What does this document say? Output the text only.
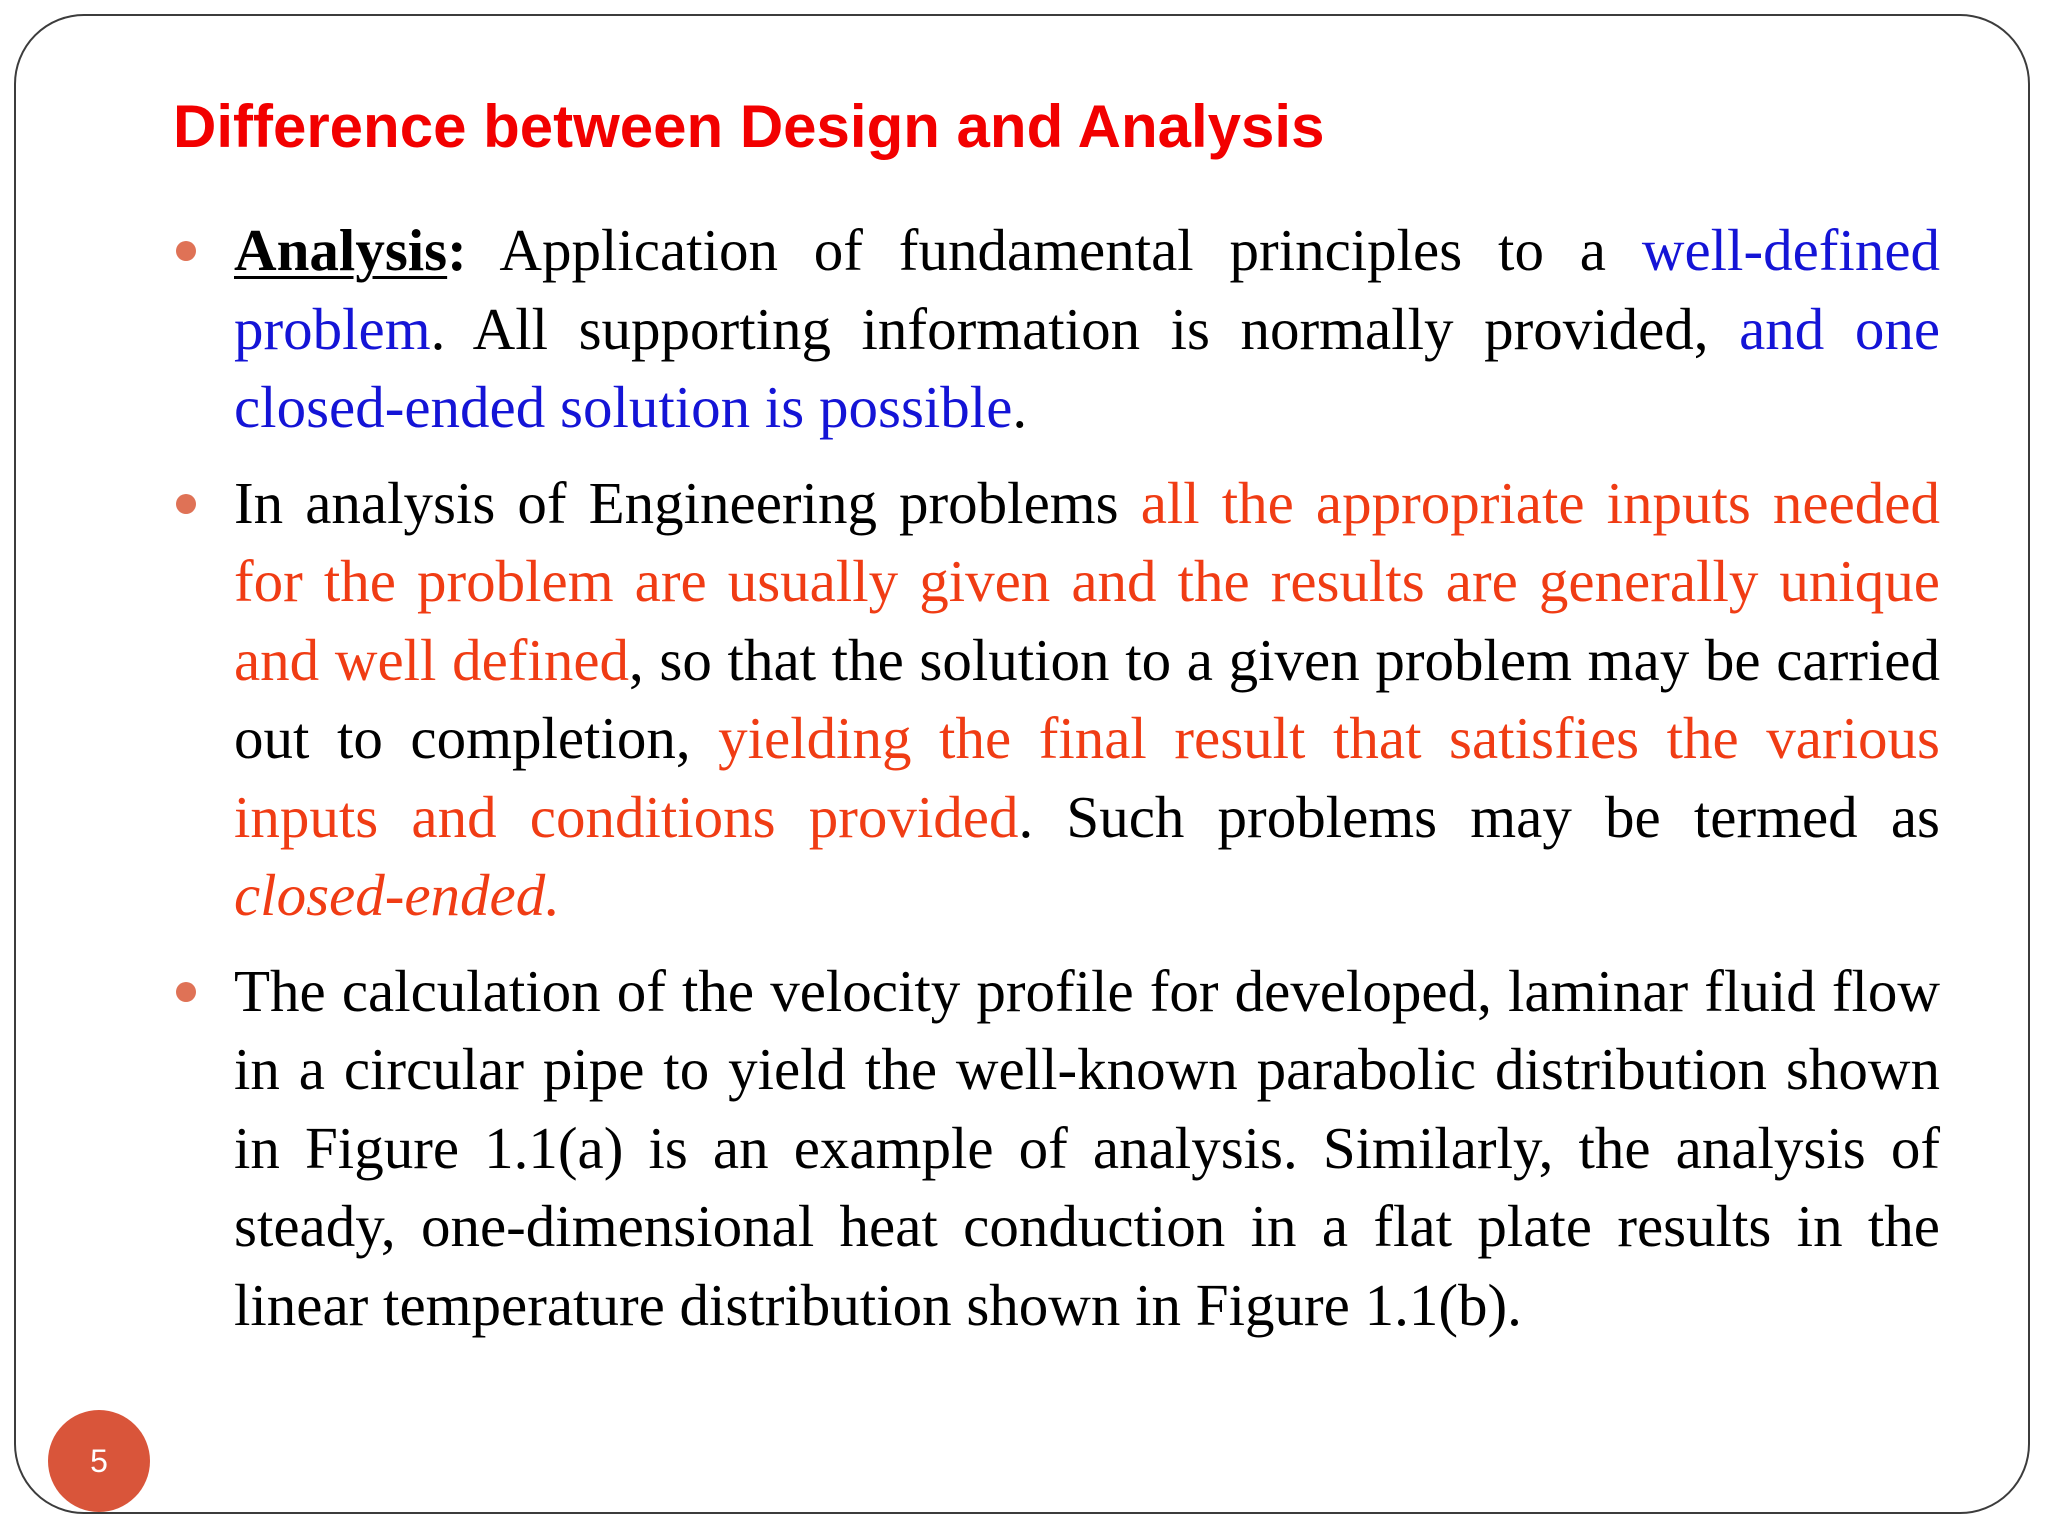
Difference between Design and Analysis
Analysis: Application of fundamental principles to a well-defined problem. All supporting information is normally provided, and one closed-ended solution is possible.
In analysis of Engineering problems all the appropriate inputs needed for the problem are usually given and the results are generally unique and well defined, so that the solution to a given problem may be carried out to completion, yielding the final result that satisfies the various inputs and conditions provided. Such problems may be termed as closed-ended.
The calculation of the velocity profile for developed, laminar fluid flow in a circular pipe to yield the well-known parabolic distribution shown in Figure 1.1(a) is an example of analysis. Similarly, the analysis of steady, one-dimensional heat conduction in a flat plate results in the linear temperature distribution shown in Figure 1.1(b).
5
